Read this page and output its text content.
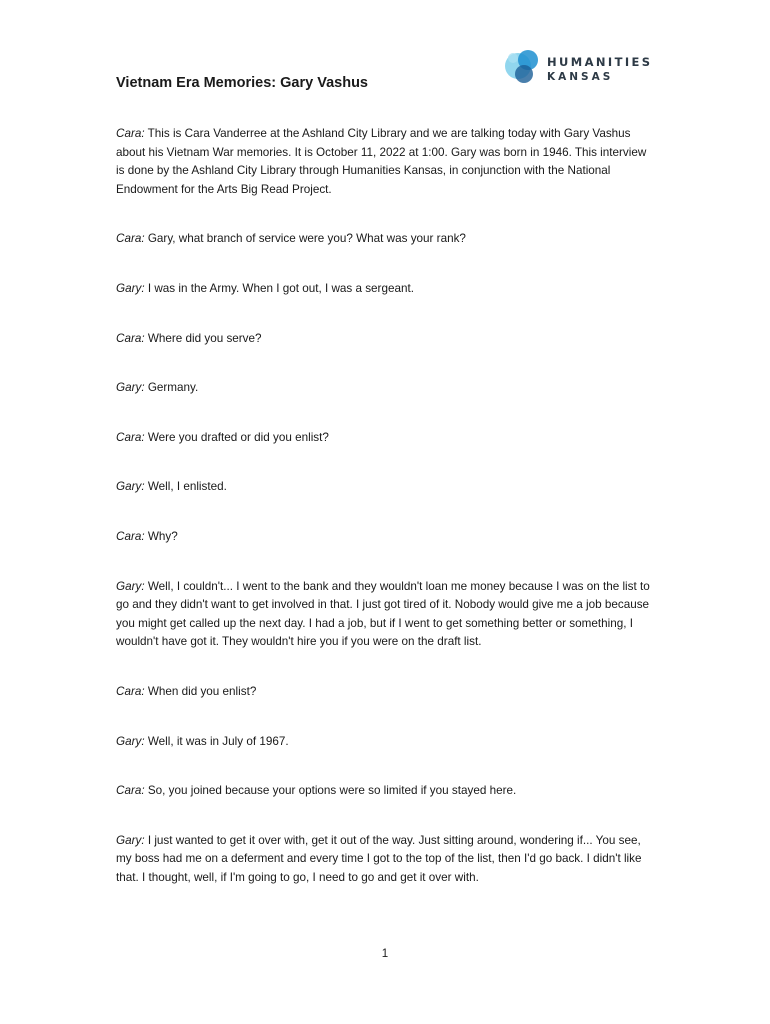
HUMANITIES
KANSAS
Vietnam Era Memories: Gary Vashus

Cara: This is Cara Vanderree at the Ashland City Library and we are talking today with Gary Vashus about his Vietnam War memories. It is October 11, 2022 at 1:00. Gary was born in 1946. This interview is done by the Ashland City Library through Humanities Kansas, in conjunction with the National Endowment for the Arts Big Read Project.

Cara: Gary, what branch of service were you? What was your rank?

Gary: I was in the Army. When I got out, I was a sergeant.

Cara: Where did you serve?

Gary: Germany.

Cara: Were you drafted or did you enlist?

Gary: Well, I enlisted.

Cara: Why?

Gary: Well, I couldn't... I went to the bank and they wouldn't loan me money because I was on the list to go and they didn't want to get involved in that. I just got tired of it. Nobody would give me a job because you might get called up the next day. I had a job, but if I went to get something better or something, I wouldn't have got it. They wouldn't hire you if you were on the draft list.

Cara: When did you enlist?

Gary: Well, it was in July of 1967.

Cara: So, you joined because your options were so limited if you stayed here.

Gary: I just wanted to get it over with, get it out of the way. Just sitting around, wondering if... You see, my boss had me on a deferment and every time I got to the top of the list, then I'd go back. I didn't like that. I thought, well, if I'm going to go, I need to go and get it over with.

1
